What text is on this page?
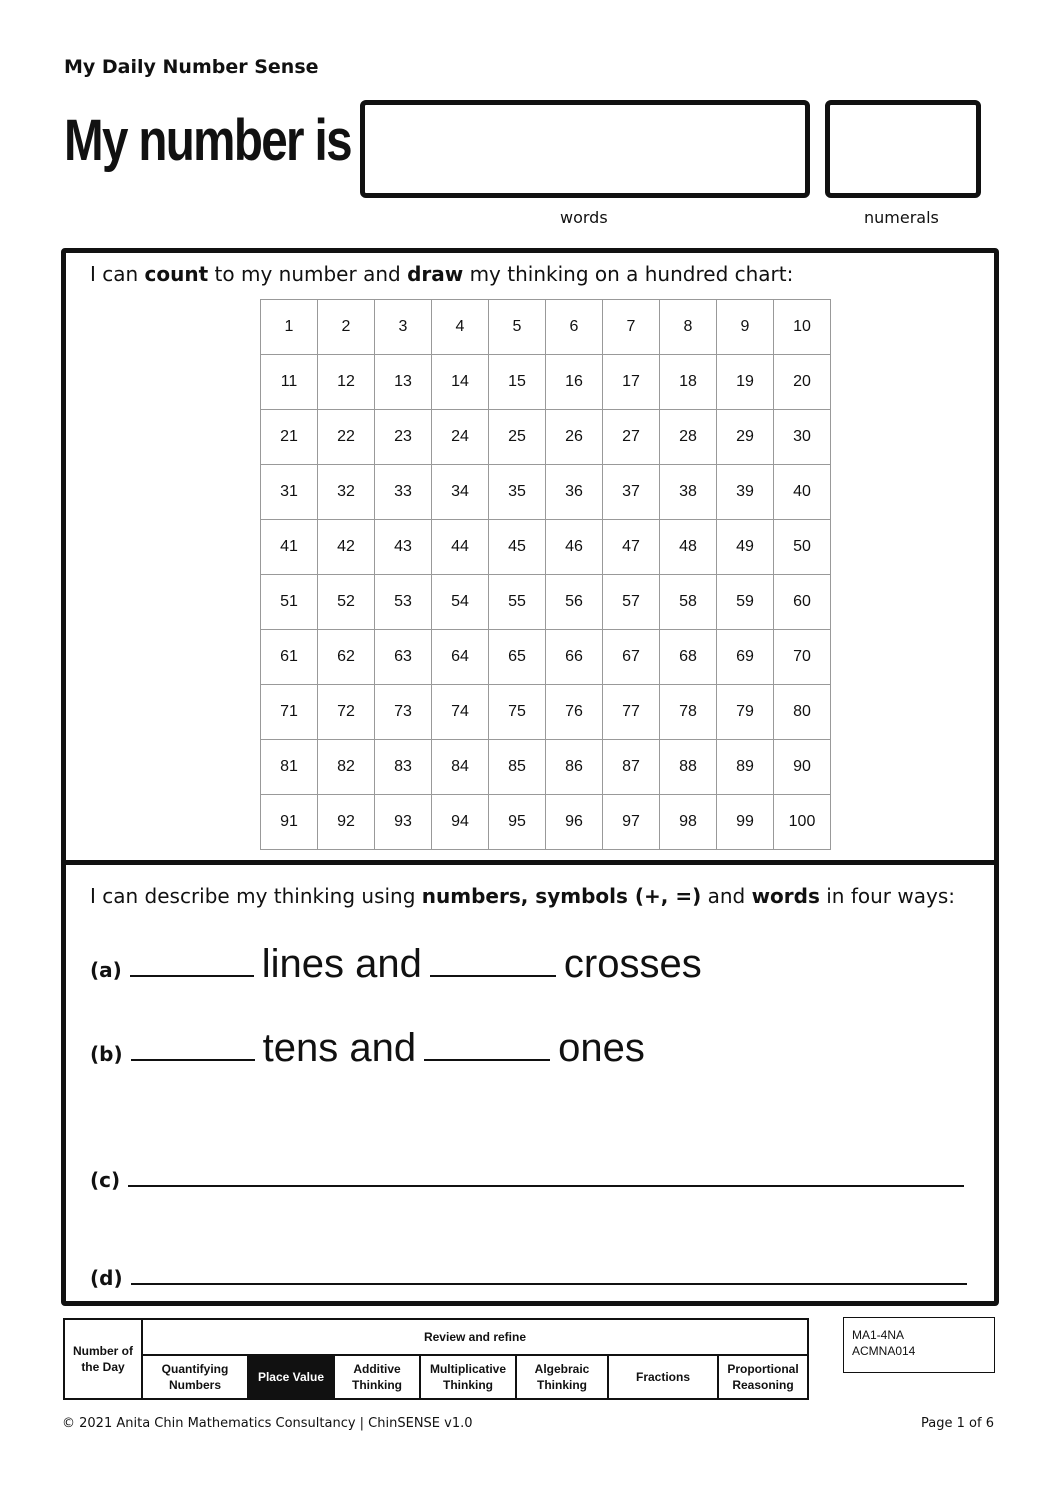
My Daily Number Sense
My number is
words	numerals
I can count to my number and draw my thinking on a hundred chart:
1	2	3	4	5	6	7	8	9	10
11	12	13	14	15	16	17	18	19	20
21	22	23	24	25	26	27	28	29	30
31	32	33	34	35	36	37	38	39	40
41	42	43	44	45	46	47	48	49	50
51	52	53	54	55	56	57	58	59	60
61	62	63	64	65	66	67	68	69	70
71	72	73	74	75	76	77	78	79	80
81	82	83	84	85	86	87	88	89	90
91	92	93	94	95	96	97	98	99	100
I can describe my thinking using numbers, symbols (+, =) and words in four ways:
(a)	lines and	crosses
(b)	tens and	ones
(c)
(d)
Number of the Day	Review and refine						
	Quantifying Numbers	Place Value	Additive Thinking	Multiplicative Thinking	Algebraic Thinking	Fractions	Proportional Reasoning
MA1-4NA
ACMNA014
© 2021 Anita Chin Mathematics Consultancy | ChinSENSE v1.0	Page 1 of 6
